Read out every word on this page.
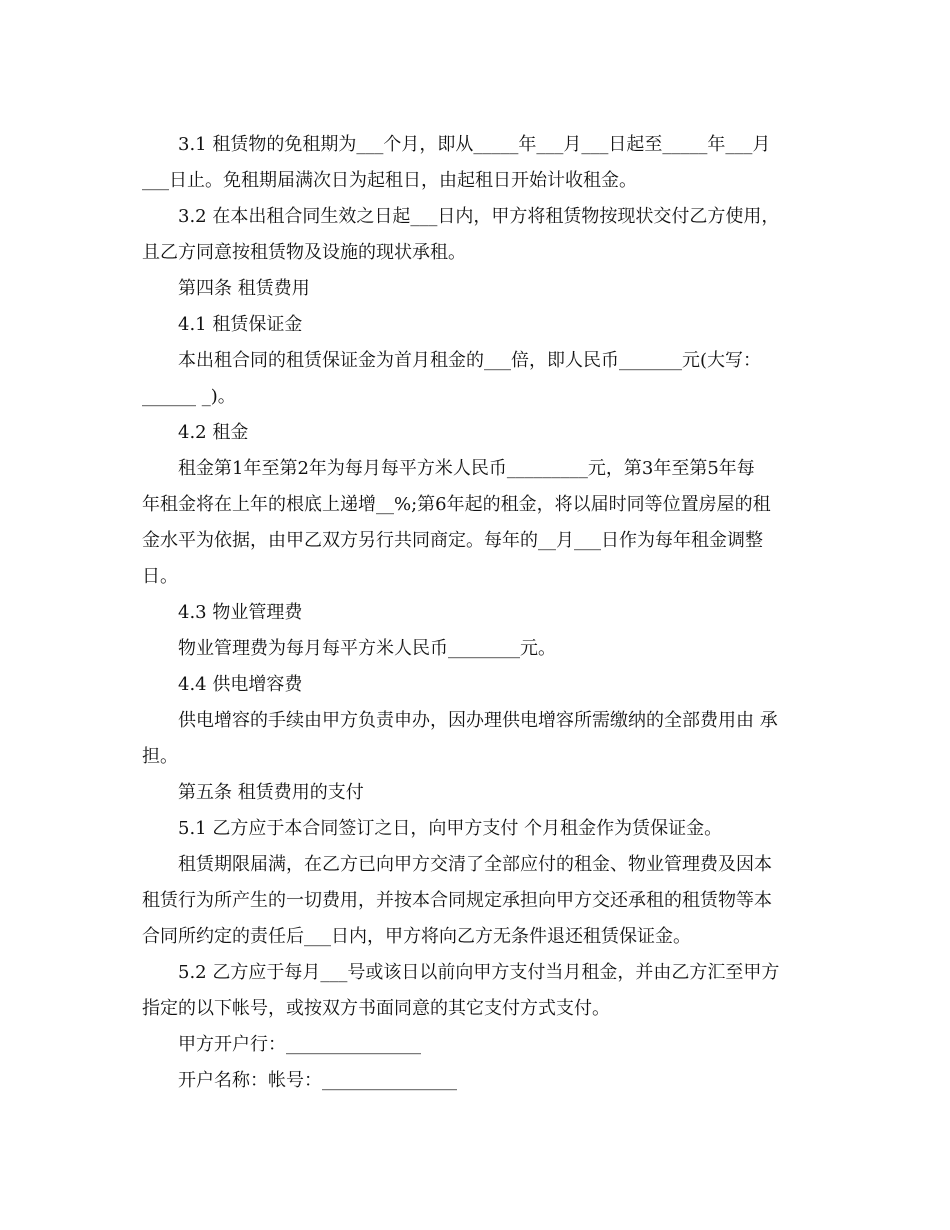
3.1 租赁物的免租期为___个月，即从_____年___月___日起至_____年___月
___日止。免租期届满次日为起租日，由起租日开始计收租金。
3.2 在本出租合同生效之日起___日内，甲方将租赁物按现状交付乙方使用，
且乙方同意按租赁物及设施的现状承租。
第四条 租赁费用
4.1 租赁保证金
本出租合同的租赁保证金为首月租金的___倍，即人民币_______元(大写：
______ _)。
4.2 租金
租金第1年至第2年为每月每平方米人民币_________元，第3年至第5年每
年租金将在上年的根底上递增__%;第6年起的租金，将以届时同等位置房屋的租
金水平为依据，由甲乙双方另行共同商定。每年的__月___日作为每年租金调整
日。
4.3 物业管理费
物业管理费为每月每平方米人民币________元。
4.4 供电增容费
供电增容的手续由甲方负责申办，因办理供电增容所需缴纳的全部费用由 承
担。
第五条 租赁费用的支付
5.1 乙方应于本合同签订之日，向甲方支付 个月租金作为赁保证金。
租赁期限届满，在乙方已向甲方交清了全部应付的租金、物业管理费及因本
租赁行为所产生的一切费用，并按本合同规定承担向甲方交还承租的租赁物等本
合同所约定的责任后___日内，甲方将向乙方无条件退还租赁保证金。
5.2 乙方应于每月___号或该日以前向甲方支付当月租金，并由乙方汇至甲方
指定的以下帐号，或按双方书面同意的其它支付方式支付。
甲方开户行：_______________
开户名称：帐号：_______________
